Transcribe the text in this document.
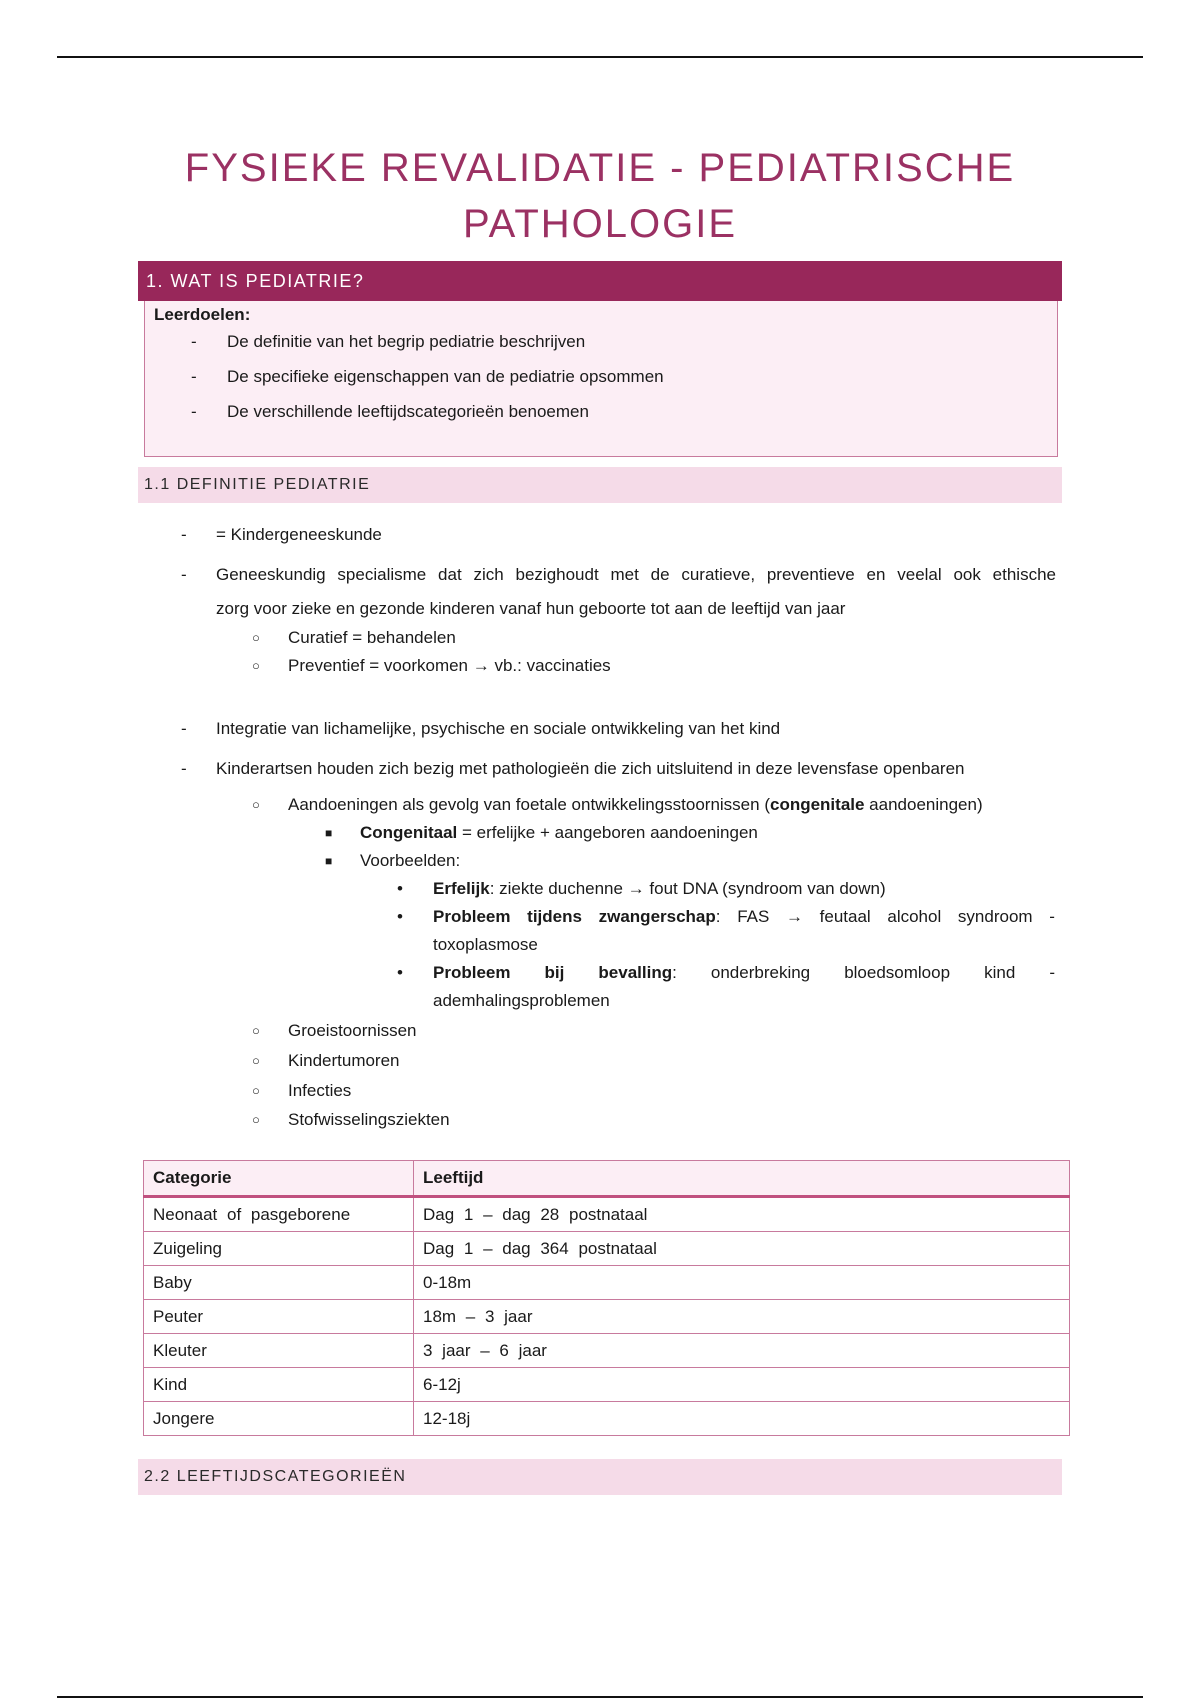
FYSIEKE REVALIDATIE - PEDIATRISCHE
PATHOLOGIE
1. WAT IS PEDIATRIE?
Leerdoelen:
- De definitie van het begrip pediatrie beschrijven
- De specifieke eigenschappen van de pediatrie opsommen
- De verschillende leeftijdscategorieën benoemen
1.1 DEFINITIE PEDIATRIE
- = Kindergeneeskunde
- Geneeskundig specialisme dat zich bezighoudt met de curatieve, preventieve en veelal ook ethische
zorg voor zieke en gezonde kinderen vanaf hun geboorte tot aan de leeftijd van jaar
○ Curatief = behandelen
○ Preventief = voorkomen → vb.: vaccinaties
- Integratie van lichamelijke, psychische en sociale ontwikkeling van het kind
- Kinderartsen houden zich bezig met pathologieën die zich uitsluitend in deze levensfase openbaren
○ Aandoeningen als gevolg van foetale ontwikkelingsstoornissen (congenitale aandoeningen)
■ Congenitaal = erfelijke + aangeboren aandoeningen
■ Voorbeelden:
• Erfelijk: ziekte duchenne → fout DNA (syndroom van down)
• Probleem tijdens zwangerschap: FAS → feutaal alcohol syndroom -
toxoplasmose
• Probleem bij bevalling: onderbreking bloedsomloop kind -
ademhalingsproblemen
○ Groeistoornissen
○ Kindertumoren
○ Infecties
○ Stofwisselingsziekten
Categorie	Leeftijd
Neonaat of pasgeborene	Dag 1 – dag 28 postnataal
Zuigeling	Dag 1 – dag 364 postnataal
Baby	0-18m
Peuter	18m – 3 jaar
Kleuter	3 jaar – 6 jaar
Kind	6-12j
Jongere	12-18j
2.2 LEEFTIJDSCATEGORIEËN
